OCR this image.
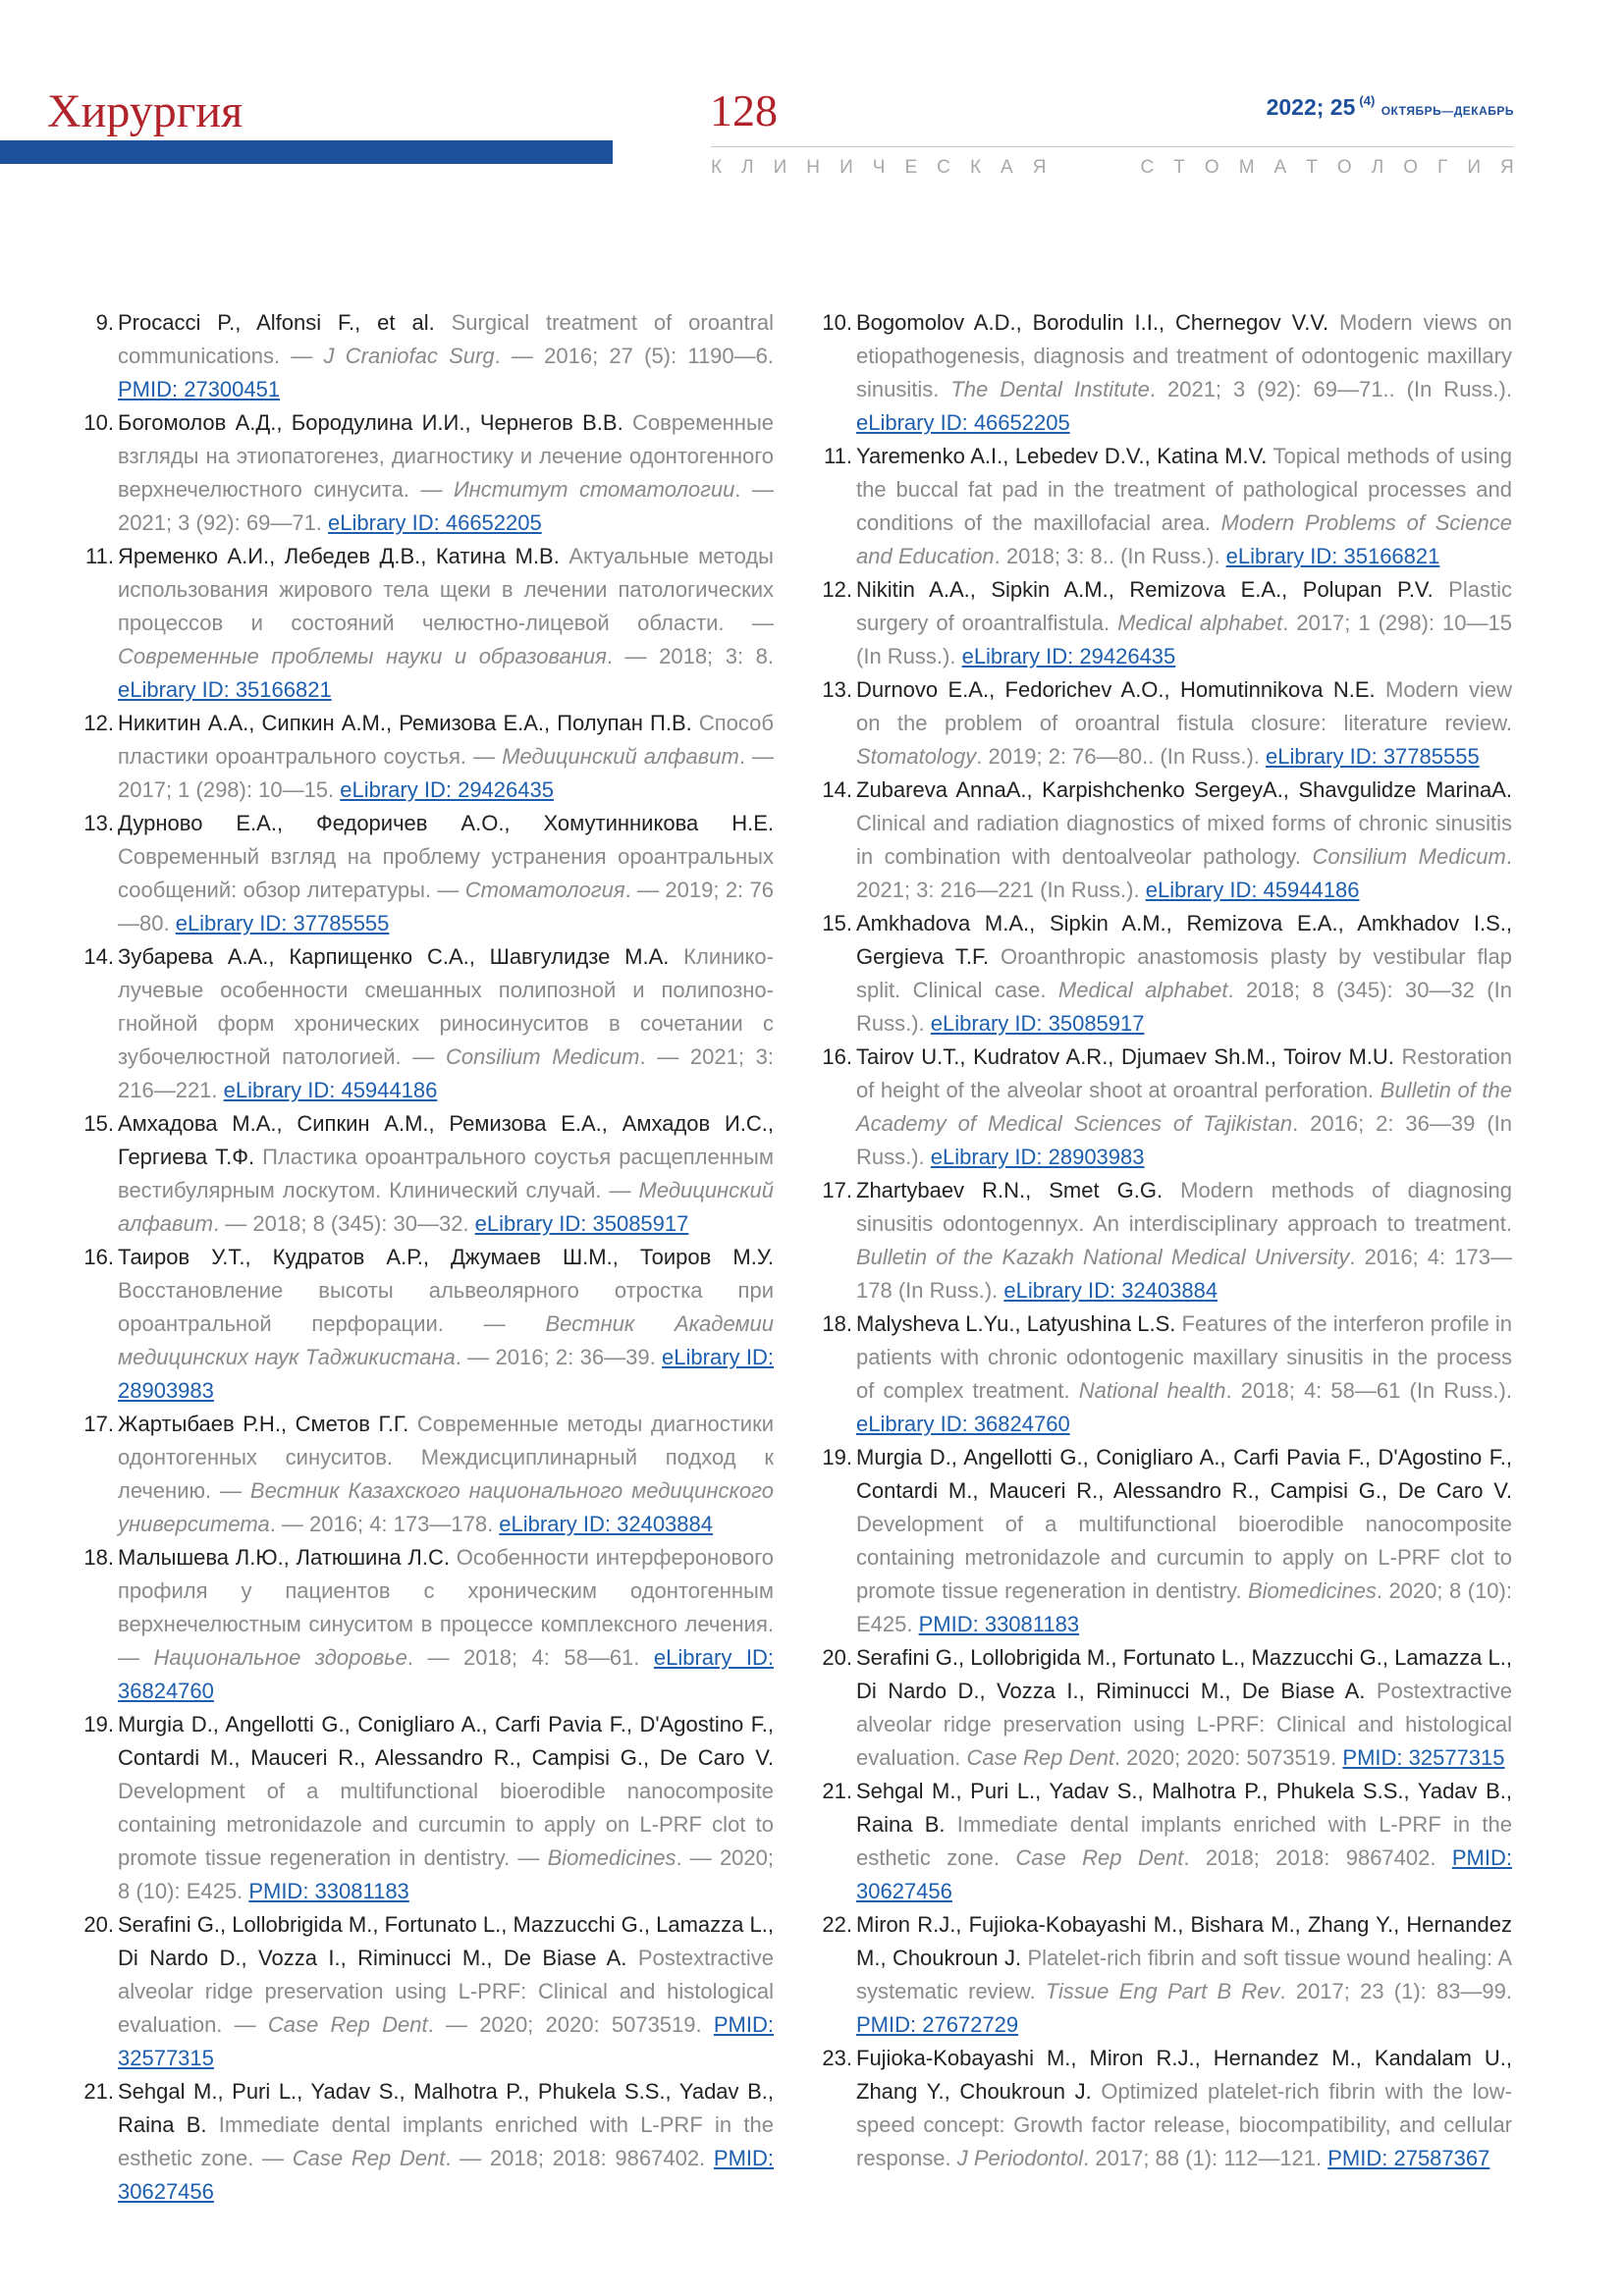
Хирургия	128	2022; 25 $^{(4)}$ ОКТЯБРЬ—ДЕКАБРЬ
К Л И Н И Ч Е С К А Я

	С Т О М А Т О Л О Г И Я
9. Procacci P., Alfonsi F., et al. Surgical treatment of oroantral communications. — J Craniofac Surg. — 2016; 27 (5): 1190—6. PMID: 27300451
10. Богомолов А.Д., Бородулина И.И., Чернегов В.В. Современные взгляды на этиопатогенез, диагностику и лечение одонтогенного верхнечелюстного синусита. — Институт стоматологии. — 2021; 3 (92): 69—71. eLibrary ID: 46652205
11. Яременко А.И., Лебедев Д.В., Катина М.В. Актуальные методы использования жирового тела щеки в лечении патологических процессов и состояний челюстно-лицевой области. — Современные проблемы науки и образования. — 2018; 3: 8. eLibrary ID: 35166821
12. Никитин А.А., Сипкин А.М., Ремизова Е.А., Полупан П.В. Способ пластики ороантрального соустья. — Медицинский алфавит. — 2017; 1 (298): 10—15. eLibrary ID: 29426435
13. Дурново Е.А., Федоричев А.О., Хомутинникова Н.Е. Современный взгляд на проблему устранения ороантральных сообщений: обзор литературы. — Стоматология. — 2019; 2: 76—80. eLibrary ID: 37785555
14. Зубарева А.А., Карпищенко С.А., Шавгулидзе М.А. Клинико-лучевые особенности смешанных полипозной и полипозно-гнойной форм хронических риносинуситов в сочетании с зубочелюстной патологией. — Consilium Medicum. — 2021; 3: 216—221. eLibrary ID: 45944186
15. Амхадова М.А., Сипкин А.М., Ремизова Е.А., Амхадов И.С., Гергиева Т.Ф. Пластика ороантрального соустья расщепленным вестибулярным лоскутом. Клинический случай. — Медицинский алфавит. — 2018; 8 (345): 30—32. eLibrary ID: 35085917
16. Таиров У.Т., Кудратов А.Р., Джумаев Ш.М., Тоиров М.У. Восстановление высоты альвеолярного отростка при ороантральной перфорации. — Вестник Академии медицинских наук Таджикистана. — 2016; 2: 36—39. eLibrary ID: 28903983
17. Жартыбаев Р.Н., Сметов Г.Г. Современные методы диагностики одонтогенных синуситов. Междисциплинарный подход к лечению. — Вестник Казахского национального медицинского университета. — 2016; 4: 173—178. eLibrary ID: 32403884
18. Малышева Л.Ю., Латюшина Л.С. Особенности интерферонового профиля у пациентов с хроническим одонтогенным верхнечелюстным синуситом в процессе комплексного лечения. — Национальное здоровье. — 2018; 4: 58—61. eLibrary ID: 36824760
19. Murgia D., Angellotti G., Conigliaro A., Carfi Pavia F., D'Agostino F., Contardi M., Mauceri R., Alessandro R., Campisi G., De Caro V. Development of a multifunctional bioerodible nanocomposite containing metronidazole and curcumin to apply on L-PRF clot to promote tissue regeneration in dentistry. — Biomedicines. — 2020; 8 (10): E425. PMID: 33081183
20. Serafini G., Lollobrigida M., Fortunato L., Mazzucchi G., Lamazza L., Di Nardo D., Vozza I., Riminucci M., De Biase A. Postextractive alveolar ridge preservation using L-PRF: Clinical and histological evaluation. — Case Rep Dent. — 2020; 2020: 5073519. PMID: 32577315
21. Sehgal M., Puri L., Yadav S., Malhotra P., Phukela S.S., Yadav B., Raina B. Immediate dental implants enriched with L-PRF in the esthetic zone. — Case Rep Dent. — 2018; 2018: 9867402. PMID: 30627456
10. Bogomolov A.D., Borodulin I.I., Chernegov V.V. Modern views on etiopathogenesis, diagnosis and treatment of odontogenic maxillary sinusitis. The Dental Institute. 2021; 3 (92): 69—71.. (In Russ.). eLibrary ID: 46652205
11. Yaremenko A.I., Lebedev D.V., Katina M.V. Topical methods of using the buccal fat pad in the treatment of pathological processes and conditions of the maxillofacial area. Modern Problems of Science and Education. 2018; 3: 8.. (In Russ.). eLibrary ID: 35166821
12. Nikitin A.A., Sipkin A.M., Remizova E.A., Polupan P.V. Plastic surgery of oroantralfistula. Medical alphabet. 2017; 1 (298): 10—15 (In Russ.). eLibrary ID: 29426435
13. Durnovo E.A., Fedorichev A.O., Homutinnikova N.E. Modern view on the problem of oroantral fistula closure: literature review. Stomatology. 2019; 2: 76—80.. (In Russ.). eLibrary ID: 37785555
14. Zubareva AnnaA., Karpishchenko SergeyA., Shavgulidze MarinaA. Clinical and radiation diagnostics of mixed forms of chronic sinusitis in combination with dentoalveolar pathology. Consilium Medicum. 2021; 3: 216—221 (In Russ.). eLibrary ID: 45944186
15. Amkhadova M.A., Sipkin A.M., Remizova E.A., Amkhadov I.S., Gergieva T.F. Oroanthropic anastomosis plasty by vestibular flap split. Clinical case. Medical alphabet. 2018; 8 (345): 30—32 (In Russ.). eLibrary ID: 35085917
16. Tairov U.T., Kudratov A.R., Djumaev Sh.M., Toirov M.U. Restoration of height of the alveolar shoot at oroantral perforation. Bulletin of the Academy of Medical Sciences of Tajikistan. 2016; 2: 36—39 (In Russ.). eLibrary ID: 28903983
17. Zhartybaev R.N., Smet G.G. Modern methods of diagnosing sinusitis odontogennyx. An interdisciplinary approach to treatment. Bulletin of the Kazakh National Medical University. 2016; 4: 173—178 (In Russ.). eLibrary ID: 32403884
18. Malysheva L.Yu., Latyushina L.S. Features of the interferon profile in patients with chronic odontogenic maxillary sinusitis in the process of complex treatment. National health. 2018; 4: 58—61 (In Russ.). eLibrary ID: 36824760
19. Murgia D., Angellotti G., Conigliaro A., Carfi Pavia F., D'Agostino F., Contardi M., Mauceri R., Alessandro R., Campisi G., De Caro V. Development of a multifunctional bioerodible nanocomposite containing metronidazole and curcumin to apply on L-PRF clot to promote tissue regeneration in dentistry. Biomedicines. 2020; 8 (10): E425. PMID: 33081183
20. Serafini G., Lollobrigida M., Fortunato L., Mazzucchi G., Lamazza L., Di Nardo D., Vozza I., Riminucci M., De Biase A. Postextractive alveolar ridge preservation using L-PRF: Clinical and histological evaluation. Case Rep Dent. 2020; 2020: 5073519. PMID: 32577315
21. Sehgal M., Puri L., Yadav S., Malhotra P., Phukela S.S., Yadav B., Raina B. Immediate dental implants enriched with L-PRF in the esthetic zone. Case Rep Dent. 2018; 2018: 9867402. PMID: 30627456
22. Miron R.J., Fujioka-Kobayashi M., Bishara M., Zhang Y., Hernandez M., Choukroun J. Platelet-rich fibrin and soft tissue wound healing: A systematic review. Tissue Eng Part B Rev. 2017; 23 (1): 83—99. PMID: 27672729
23. Fujioka-Kobayashi M., Miron R.J., Hernandez M., Kandalam U., Zhang Y., Choukroun J. Optimized platelet-rich fibrin with the low-speed concept: Growth factor release, biocompatibility, and cellular response. J Periodontol. 2017; 88 (1): 112—121. PMID: 27587367
